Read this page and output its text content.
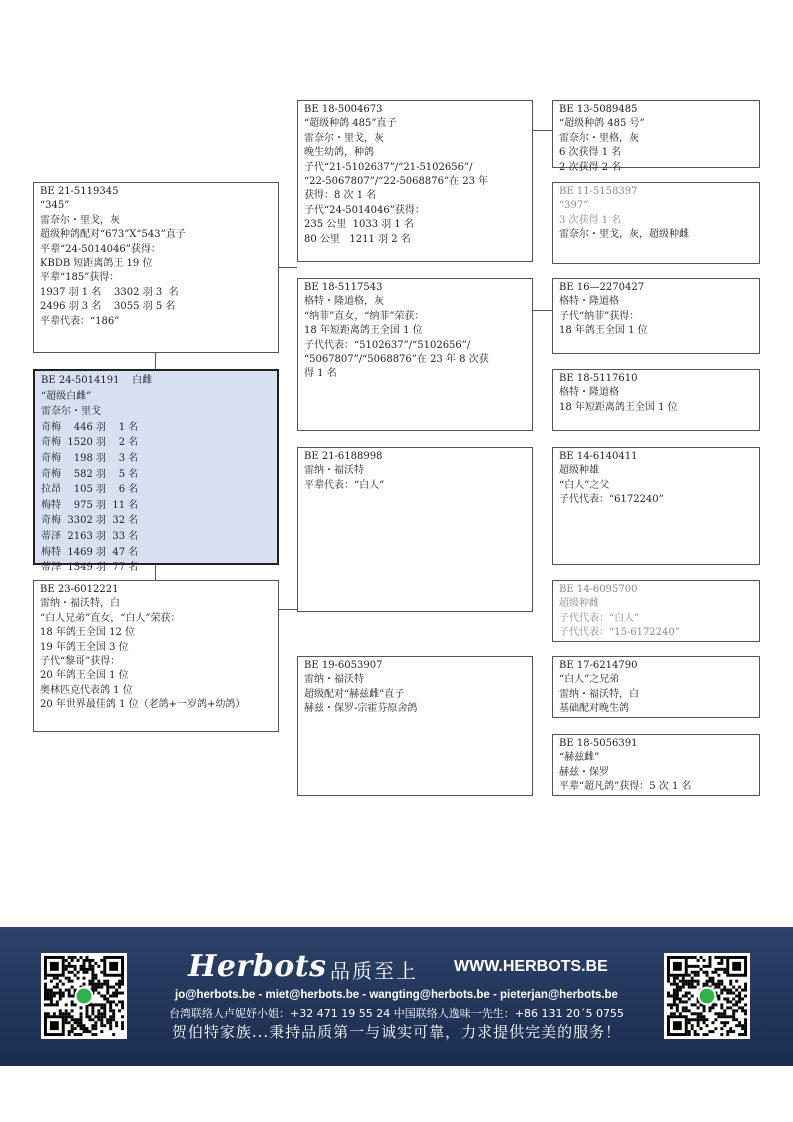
BE 21-5119345
“345”
雷奈尔・里戈，灰
超级种鸽配对“673”X“543”直子
平辈“24-5014046”获得：
KBDB 短距离鸽王 19 位
平辈“185”获得：
1937 羽 1 名    3302 羽 3  名
2496 羽 3 名    3055 羽 5 名
平辈代表：“186”
BE 24-5014191    白雌
“超级白雌”
雷奈尔・里戈
奇梅    446 羽    1 名
奇梅  1520 羽    2 名
奇梅    198 羽    3 名
奇梅    582 羽    5 名
拉昂    105 羽    6 名
梅特    975 羽  11 名
奇梅  3302 羽  32 名
蒂泽  2163 羽  33 名
梅特  1469 羽  47 名
蒂泽  1549 羽  77 名
BE 23-6012221
雷纳・福沃特，白
“白人兄弟”直女，“白人”荣获：
18 年鸽王全国 12 位
19 年鸽王全国 3 位
子代“黎哥”获得：
20 年鸽王全国 1 位
奥林匹克代表鸽 1 位
20 年世界最佳鸽 1 位（老鸽+一岁鸽+幼鸽）
BE 18-5004673
“超级种鸽 485”直子
雷奈尔・里戈，灰
晚生幼鸽，种鸽
子代“21-5102637”/“21-5102656”/
“22-5067807”/“22-5068876”在 23 年
获得：8 次 1 名
子代“24-5014046”获得：
235 公里  1033 羽 1 名
80 公里   1211 羽 2 名
BE 18-5117543
格特・隆道格，灰
“纳菲”直女，“纳菲”荣获：
18 年短距离鸽王全国 1 位
子代代表：“5102637”/“5102656”/
“5067807”/“5068876”在 23 年 8 次获
得 1 名
BE 21-6188998
雷纳・福沃特
平辈代表：“白人”
BE 19-6053907
雷纳・福沃特
超级配对“赫兹雌”直子
赫兹・保罗-宗霍芬原舍鸽
BE 13-5089485
“超级种鸽 485 号”
雷奈尔・里格，灰
6 次获得 1 名
2 次获得 2 名
BE 11-5158397
“397”
3 次获得 1 名
雷奈尔・里戈，灰，超级种雌
BE 16—2270427
格特・隆道格
子代“纳菲”获得：
18 年鸽王全国 1 位
BE 18-5117610
格特・隆道格
18 年短距离鸽王全国 1 位
BE 14-6140411
超级种雄
“白人”之父
子代代表：“6172240”
BE 14-6095700
超级种雌
子代代表：“白人”
子代代表：“15-6172240”
BE 17-6214790
“白人”之兄弟
雷纳・福沃特，白
基础配对晚生鸽
BE 18-5056391
“赫兹雌”
赫兹・保罗
平辈“超凡鸽”获得：5 次 1 名
Herbots 品质至上 WWW.HERBOTS.BE
jo@herbots.be - miet@herbots.be - wangting@herbots.be - pieterjan@herbots.be
台湾联络人卢妮妤小姐：+32 471 19 55 24 中国联络人逸味一先生：+86 131 20´5 0755
贺伯特家族...秉持品质第一与诚实可靠，力求提供完美的服务！
